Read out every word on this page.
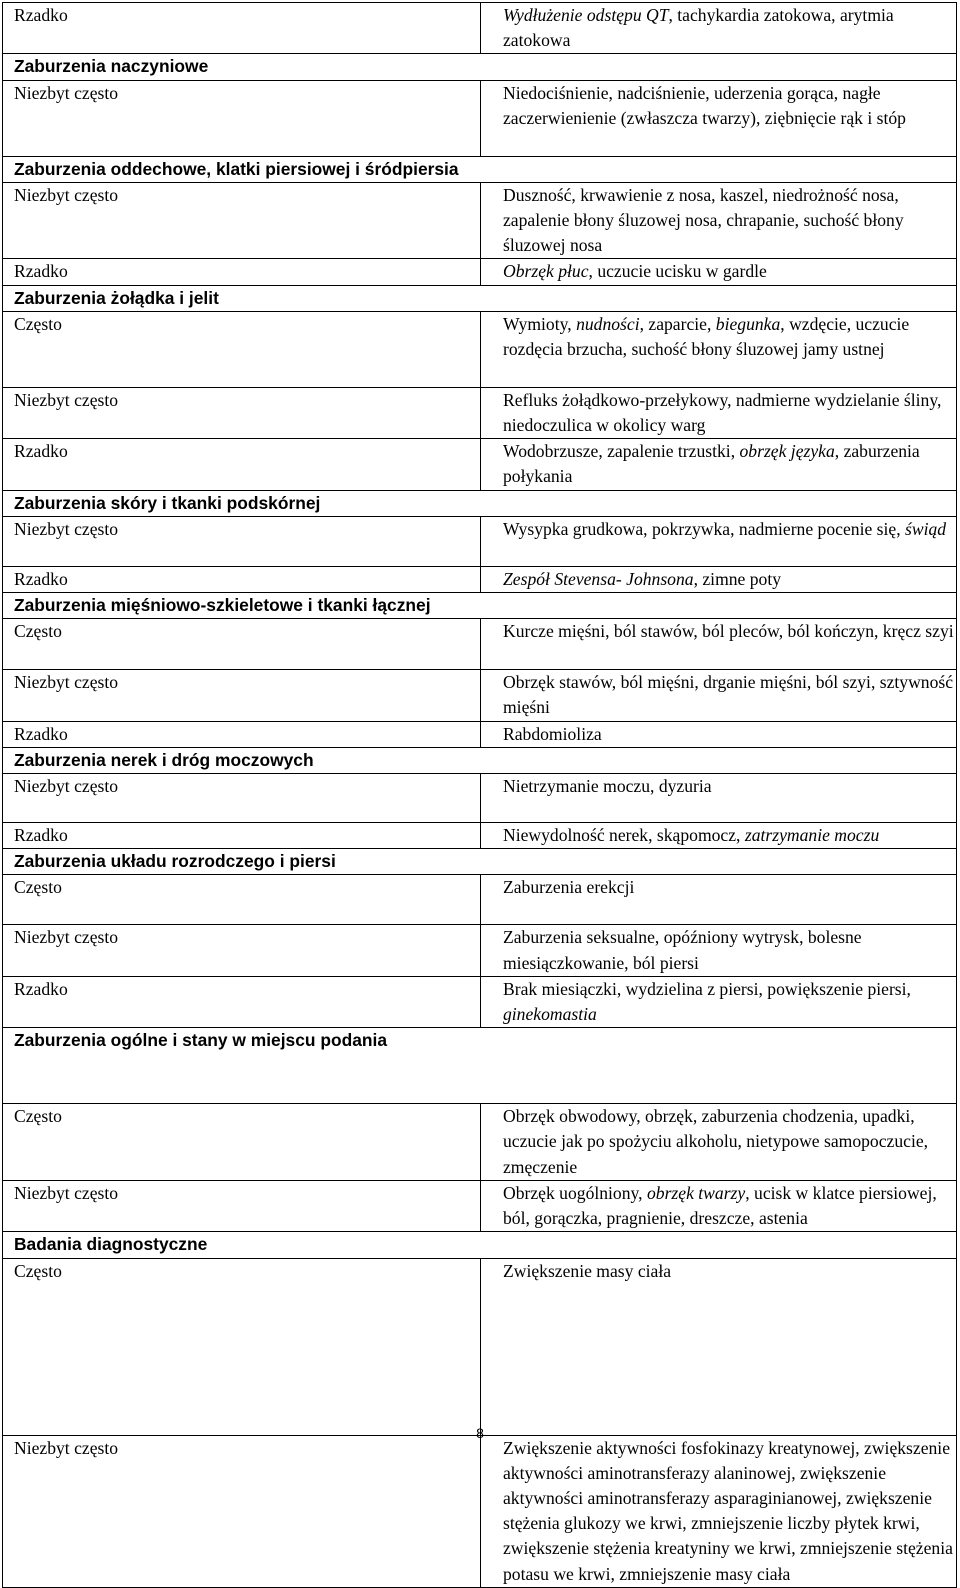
Rzadko	Wydłużenie odstępu QT, tachykardia zatokowa, arytmia zatokowa
Zaburzenia naczyniowe	
Niezbyt często	Niedociśnienie, nadciśnienie, uderzenia gorąca, nagłe zaczerwienienie (zwłaszcza twarzy), ziębnięcie rąk i stóp
Zaburzenia oddechowe, klatki piersiowej i śródpiersia	
Niezbyt często	Duszność, krwawienie z nosa, kaszel, niedrożność nosa, zapalenie błony śluzowej nosa, chrapanie, suchość błony śluzowej nosa
Rzadko	Obrzęk płuc, uczucie ucisku w gardle
Zaburzenia żołądka i jelit	
Często	Wymioty, nudności, zaparcie, biegunka, wzdęcie, uczucie rozdęcia brzucha, suchość błony śluzowej jamy ustnej
Niezbyt często	Refluks żołądkowo-przełykowy, nadmierne wydzielanie śliny, niedoczulica w okolicy warg
Rzadko	Wodobrzusze, zapalenie trzustki, obrzęk języka, zaburzenia połykania
Zaburzenia skóry i tkanki podskórnej	
Niezbyt często	Wysypka grudkowa, pokrzywka, nadmierne pocenie się, świąd
Rzadko	Zespół Stevensa- Johnsona, zimne poty
Zaburzenia mięśniowo-szkieletowe i tkanki łącznej	
Często	Kurcze mięśni, ból stawów, ból pleców, ból kończyn, kręcz szyi
Niezbyt często	Obrzęk stawów, ból mięśni, drganie mięśni, ból szyi, sztywność mięśni
Rzadko	Rabdomioliza
Zaburzenia nerek i dróg moczowych	
Niezbyt często	Nietrzymanie moczu, dyzuria
Rzadko	Niewydolność nerek, skąpomocz, zatrzymanie moczu
Zaburzenia układu rozrodczego i piersi	
Często	Zaburzenia erekcji
Niezbyt często	Zaburzenia seksualne, opóźniony wytrysk, bolesne miesiączkowanie, ból piersi
Rzadko	Brak miesiączki, wydzielina z piersi, powiększenie piersi, ginekomastia
Zaburzenia ogólne i stany w miejscu podania	
Często	Obrzęk obwodowy, obrzęk, zaburzenia chodzenia, upadki, uczucie jak po spożyciu alkoholu, nietypowe samopoczucie, zmęczenie
Niezbyt często	Obrzęk uogólniony, obrzęk twarzy, ucisk w klatce piersiowej, ból, gorączka, pragnienie, dreszcze, astenia
Badania diagnostyczne	
Często	Zwiększenie masy ciała
Niezbyt często	Zwiększenie aktywności fosfokinazy kreatynowej, zwiększenie aktywności aminotransferazy alaninowej, zwiększenie aktywności aminotransferazy asparaginianowej, zwiększenie stężenia glukozy we krwi, zmniejszenie liczby płytek krwi, zwiększenie stężenia kreatyniny we krwi, zmniejszenie stężenia potasu we krwi, zmniejszenie masy ciała
8
